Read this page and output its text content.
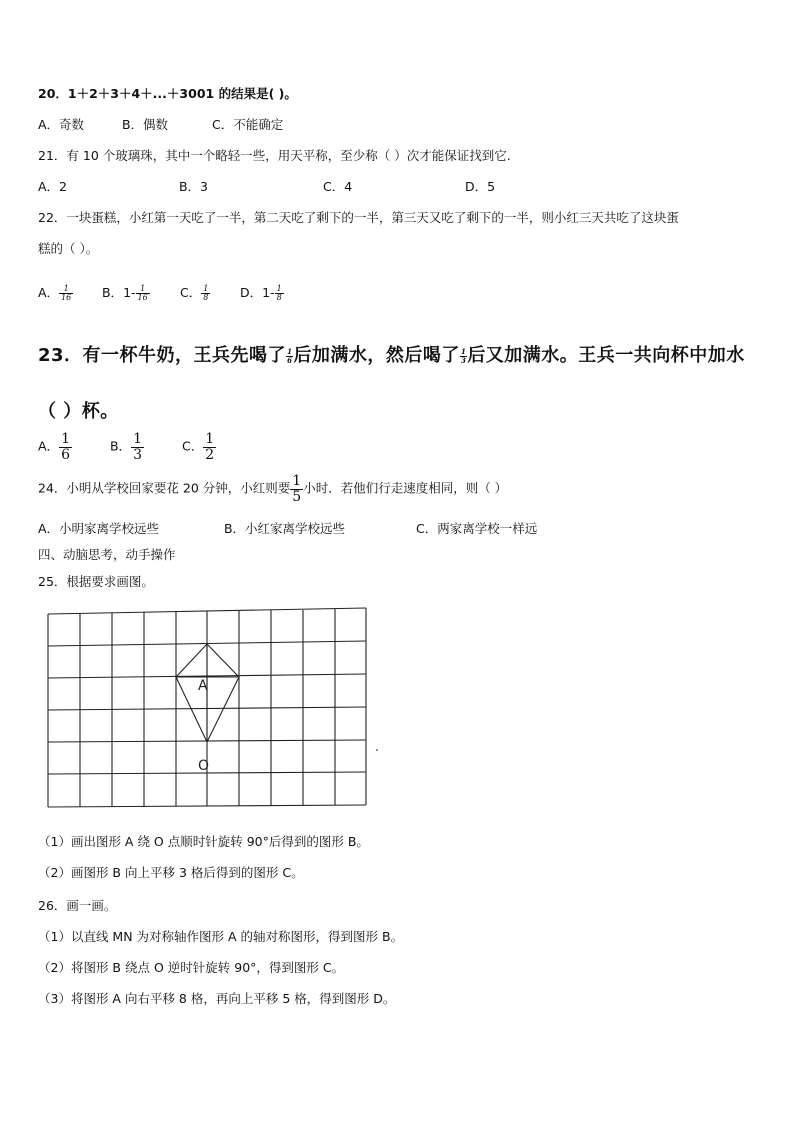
20．1＋2＋3＋4＋...＋3001 的结果是( )。
A．奇数	B．偶数	C．不能确定
21．有 10 个玻璃珠，其中一个略轻一些，用天平称，至少称（ ）次才能保证找到它.
A．2	B．3	C．4	D．5
22．一块蛋糕，小红第一天吃了一半，第二天吃了剩下的一半，第三天又吃了剩下的一半，则小红三天共吃了这块蛋
糕的（ ）。
A． $\frac{1}{16}$ B．$1- \frac{1}{16}$ C． $\frac{1}{8}$ D．$1- \frac{1}{8}$
23．有一杯牛奶，王兵先喝了 $\frac{1}{6}$ 后加满水，然后喝了 $\frac{1}{3}$ 后又加满水。王兵一共向杯中加水
（ ）杯。
A． $\frac{1}{6}$	B． $\frac{1}{3}$	C． $\frac{1}{2}$
24．小明从学校回家要花 20 分钟，小红则要 $\frac{1}{5}$ 小时．若他们行走速度相同，则（ ）
A．小明家离学校远些	B．小红家离学校远些	C．两家离学校一样远
四、动脑思考，动手操作
25．根据要求画图。
A
O
（1）画出图形 A 绕 O 点顺时针旋转 90°后得到的图形 B。
（2）画图形 B 向上平移 3 格后得到的图形 C。
26．画一画。
（1）以直线 MN 为对称轴作图形 A 的轴对称图形，得到图形 B。
（2）将图形 B 绕点 O 逆时针旋转 90°，得到图形 C。
（3）将图形 A 向右平移 8 格，再向上平移 5 格，得到图形 D。
